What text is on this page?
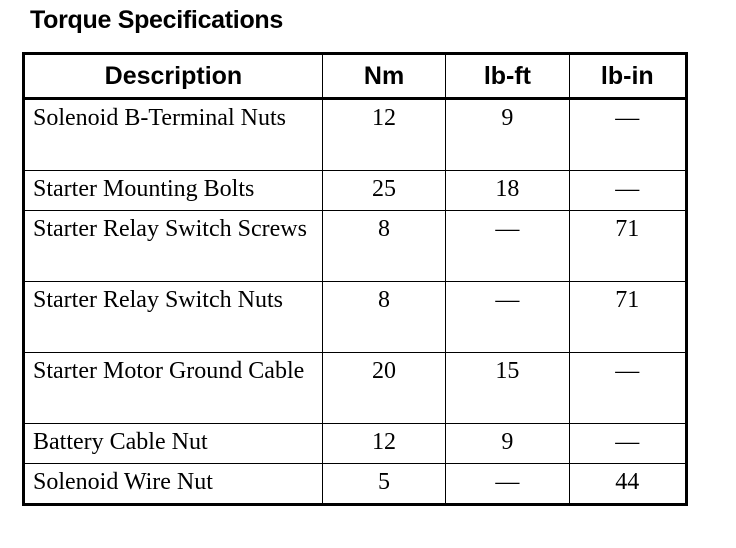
Torque Specifications
Description	Nm	lb-ft	lb-in
Solenoid B-Terminal Nuts	12	9	—
Starter Mounting Bolts	25	18	—
Starter Relay Switch Screws	8	—	71
Starter Relay Switch Nuts	8	—	71
Starter Motor Ground Cable	20	15	—
Battery Cable Nut	12	9	—
Solenoid Wire Nut	5	—	44
